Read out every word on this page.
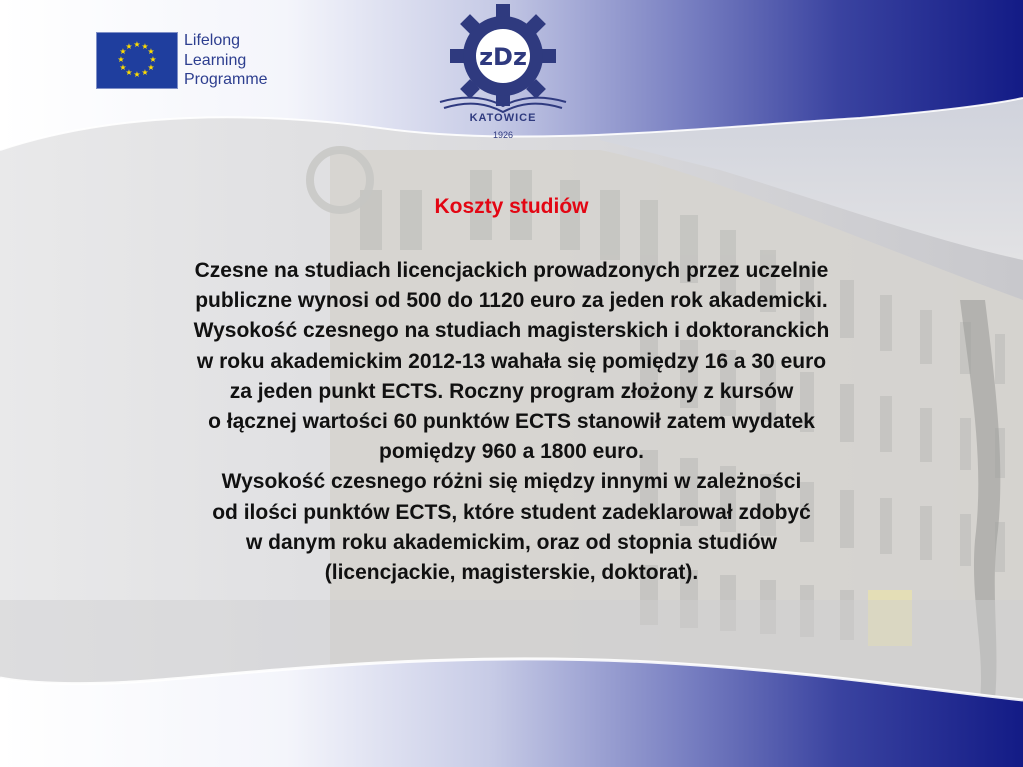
★ ★
★
★
★
★
★
★
★
★
★
★	Lifelong
Learning
Programme
zDz
KATOWICE
1926
Koszty studiów
Czesne na studiach licencjackich prowadzonych przez uczelnie
publiczne wynosi od 500 do 1120 euro za jeden rok akademicki.
Wysokość czesnego na studiach magisterskich i doktoranckich
w roku akademickim 2012-13 wahała się pomiędzy 16 a 30 euro
za jeden punkt ECTS. Roczny program złożony z kursów
o łącznej wartości 60 punktów ECTS stanowił zatem wydatek
pomiędzy 960 a 1800 euro.
Wysokość czesnego różni się między innymi w zależności
od ilości punktów ECTS, które student zadeklarował zdobyć
w danym roku akademickim, oraz od stopnia studiów
(licencjackie, magisterskie, doktorat).
